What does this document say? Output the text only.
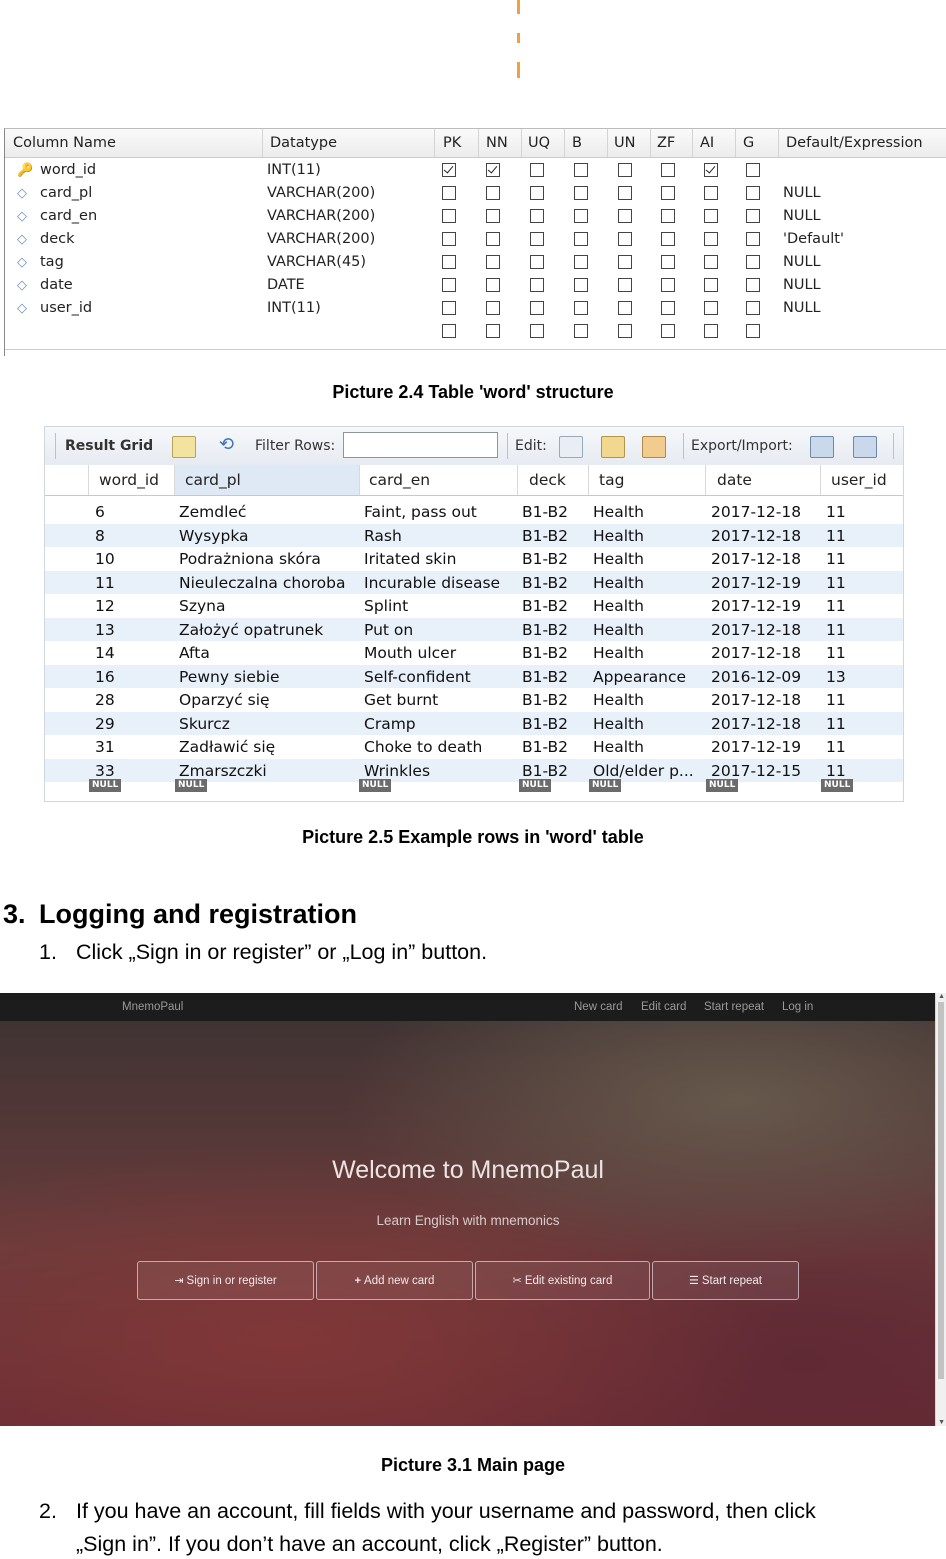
Column Name	Datatype	PK NN UQ B UN ZF AI G Default/Expression
🔑 word_id	INT(11)
◇ card_pl	VARCHAR(200)	NULL
◇ card_en	VARCHAR(200)	NULL
◇ deck	VARCHAR(200)	'Default'
◇ tag	VARCHAR(45)	NULL
◇ date	DATE	NULL
◇ user_id	INT(11)	NULL
Picture 2.4 Table 'word' structure
Result Grid	⟲	Filter Rows:	Edit:	Export/Import:
word_id card_pl	card_en	deck tag	date	user_id
6	Zemdleć	Faint, pass out	B1-B2 Health	2017-12-18 11
8	Wysypka	Rash	B1-B2 Health	2017-12-18 11
10	Podrażniona skóra	Iritated skin	B1-B2 Health	2017-12-18 11
11	Nieuleczalna choroba Incurable disease B1-B2 Health	2017-12-19 11
12	Szyna	Splint	B1-B2 Health	2017-12-19 11
13	Założyć opatrunek	Put on	B1-B2 Health	2017-12-18 11
14	Afta	Mouth ulcer	B1-B2 Health	2017-12-18 11
16	Pewny siebie	Self-confident	B1-B2 Appearance 2016-12-09 13
28	Oparzyć się	Get burnt	B1-B2 Health	2017-12-18 11
29	Skurcz	Cramp	B1-B2 Health	2017-12-18 11
31	Zadławić się	Choke to death	B1-B2 Health	2017-12-19 11
33	Zmarszczki	Wrinkles	B1-B2 Old/elder p... 2017-12-15 11
NULL	NULL	NULL	NULL	NULL	NULL	NULL
Picture 2.5 Example rows in 'word' table
3. Logging and registration
1. Click „Sign in or register” or „Log in” button.
MnemoPaul	New card Edit card Start repeat Log in
Welcome to MnemoPaul
Learn English with mnemonics
⇥ Sign in or register	+ Add new card	✂ Edit existing card	☰ Start repeat
▲
▼
Picture 3.1 Main page
2. If you have an account, fill fields with your username and password, then click
„Sign in”. If you don’t have an account, click „Register” button.
